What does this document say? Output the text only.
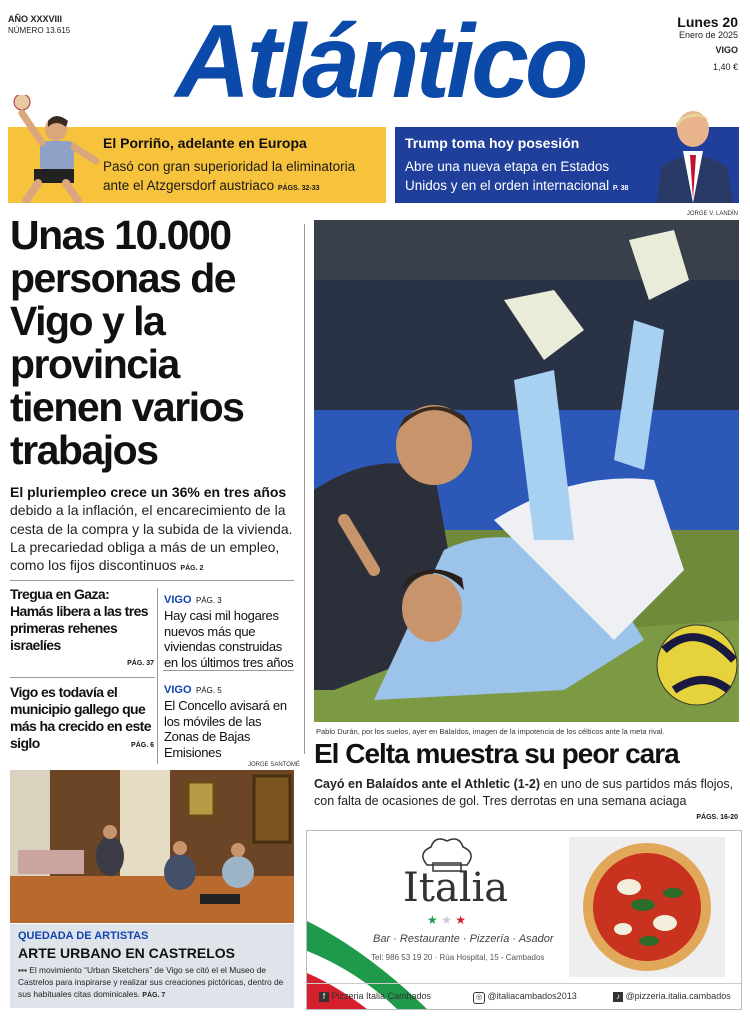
AÑO XXXVIII
NÚMERO 13.615	Atlántico	Lunes 20
Enero de 2025
VIGO
1,40 €
El Porriño, adelante en Europa
Pasó con gran superioridad la eliminatoria ante el Atzgersdorf austriaco PÁGS. 32-33
Trump toma hoy posesión
Abre una nueva etapa en Estados Unidos y en el orden internacional P. 38
Unas 10.000 personas de Vigo y la provincia tienen varios trabajos
El pluriempleo crece un 36% en tres años debido a la inflación, el encarecimiento de la cesta de la compra y la subida de la vivienda. La precariedad obliga a más de un empleo, como los fijos discontinuos PÁG. 2
Tregua en Gaza: Hamás libera a las tres primeras rehenes israelíes
PÁG. 37
Vigo es todavía el municipio gallego que más ha crecido en este siglo	PÁG. 6
VIGO PÁG. 3
Hay casi mil hogares nuevos más que viviendas construidas en los últimos tres años
VIGO PÁG. 5
El Concello avisará en los móviles de las Zonas de Bajas Emisiones
JORGE V. LANDÍN
Pablo Durán, por los suelos, ayer en Balaídos, imagen de la impotencia de los célticos ante la meta rival.
El Celta muestra su peor cara
Cayó en Balaídos ante el Athletic (1-2) en uno de sus partidos más flojos, con falta de ocasiones de gol. Tres derrotas en una semana aciaga
PÁGS. 16-20
JORGE SANTOMÉ
QUEDADA DE ARTISTAS
ARTE URBANO EN CASTRELOS
▪▪▪ El movimiento “Urban Sketchers” de Vigo se citó el el Museo de Castrelos para inspirarse y realizar sus creaciones pictóricas, dentro de sus habituales citas dominicales. PÁG. 7
Italia
★ ★ ★
Bar · Restaurante · Pizzería · Asador
Tel: 986 53 19 20 · Rúa Hospital, 15 - Cambados
f Pizzeria Italia Cambados	◎ @italiacambados2013	♪ @pizzeria.italia.cambados
